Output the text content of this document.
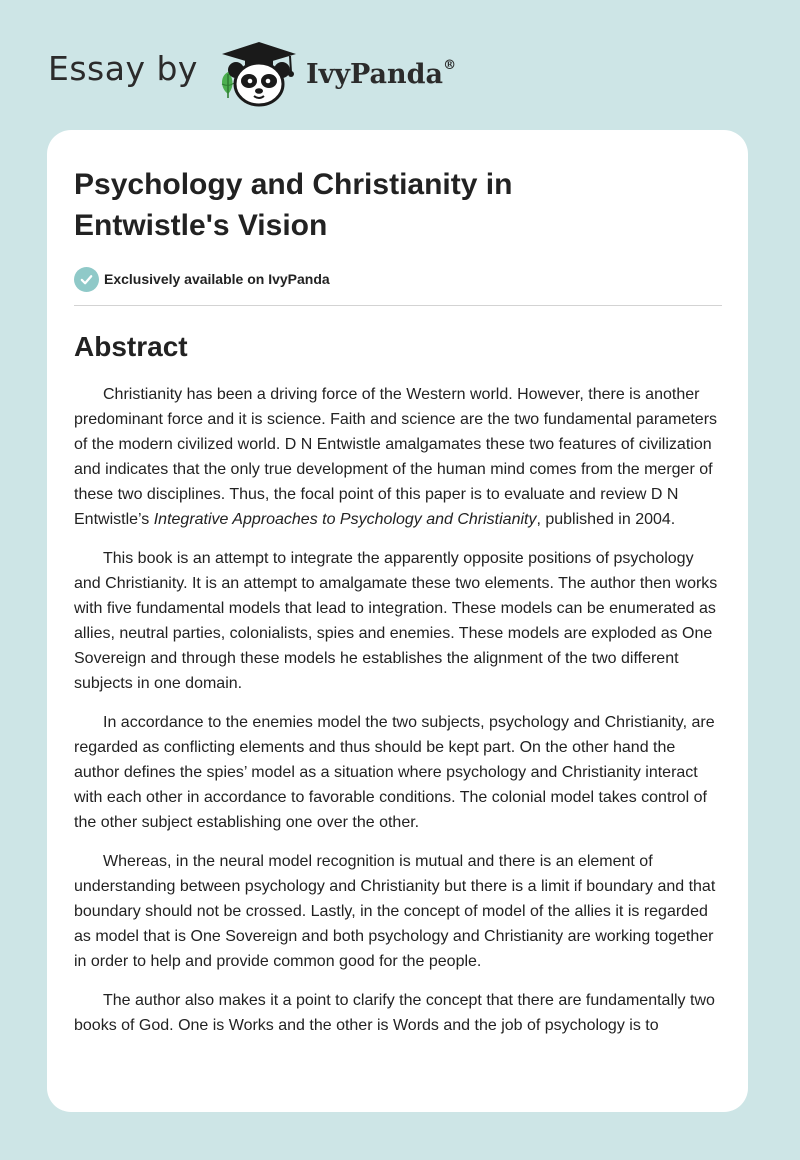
Essay by	IvyPanda®
Psychology and Christianity in
Entwistle's Vision
Exclusively available on IvyPanda
Abstract

Christianity has been a driving force of the Western world. However, there is another predominant force and it is science. Faith and science are the two fundamental parameters of the modern civilized world. D N Entwistle amalgamates these two features of civilization and indicates that the only true development of the human mind comes from the merger of these two disciplines. Thus, the focal point of this paper is to evaluate and review D N Entwistle’s Integrative Approaches to Psychology and Christianity, published in 2004.

This book is an attempt to integrate the apparently opposite positions of psychology and Christianity. It is an attempt to amalgamate these two elements. The author then works with five fundamental models that lead to integration. These models can be enumerated as allies, neutral parties, colonialists, spies and enemies. These models are exploded as One Sovereign and through these models he establishes the alignment of the two different subjects in one domain.

In accordance to the enemies model the two subjects, psychology and Christianity, are regarded as conflicting elements and thus should be kept part. On the other hand the author defines the spies’ model as a situation where psychology and Christianity interact with each other in accordance to favorable conditions. The colonial model takes control of the other subject establishing one over the other.

Whereas, in the neural model recognition is mutual and there is an element of understanding between psychology and Christianity but there is a limit if boundary and that boundary should not be crossed. Lastly, in the concept of model of the allies it is regarded as model that is One Sovereign and both psychology and Christianity are working together in order to help and provide common good for the people.

The author also makes it a point to clarify the concept that there are fundamentally two books of God. One is Works and the other is Words and the job of psychology is to
